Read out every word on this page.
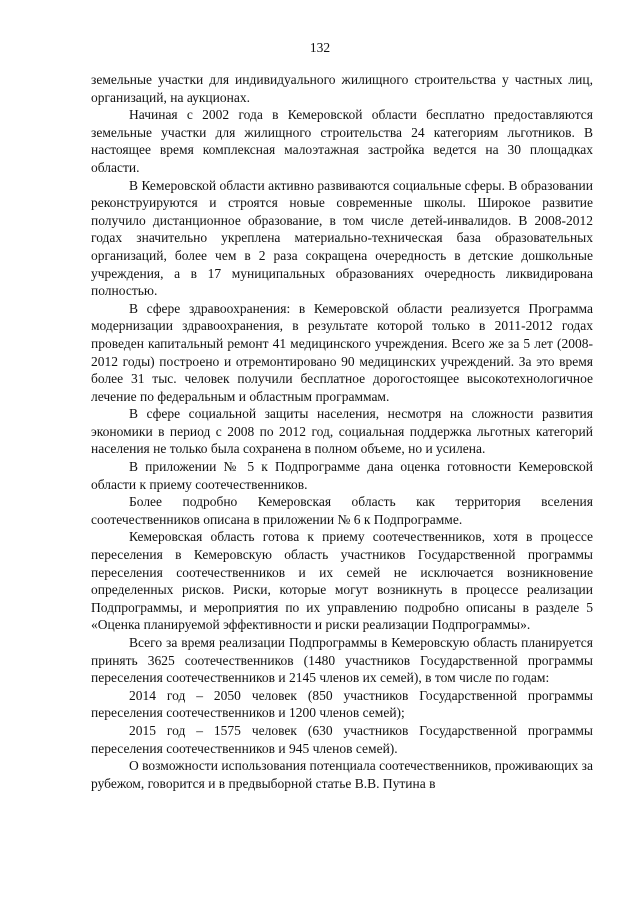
132

земельные участки для индивидуального жилищного строительства у частных лиц, организаций, на аукционах.

Начиная с 2002 года в Кемеровской области бесплатно предоставляются земельные участки для жилищного строительства 24 категориям льготников. В настоящее время комплексная малоэтажная застройка ведется на 30 площадках области.

В Кемеровской области активно развиваются социальные сферы. В образовании реконструируются и строятся новые современные школы. Широкое развитие получило дистанционное образование, в том числе детей-инвалидов. В 2008-2012 годах значительно укреплена материально-техническая база образовательных организаций, более чем в 2 раза сокращена очередность в детские дошкольные учреждения, а в 17 муниципальных образованиях очередность ликвидирована полностью.

В сфере здравоохранения: в Кемеровской области реализуется Программа модернизации здравоохранения, в результате которой только в 2011-2012 годах проведен капитальный ремонт 41 медицинского учреждения. Всего же за 5 лет (2008-2012 годы) построено и отремонтировано 90 медицинских учреждений. За это время более 31 тыс. человек получили бесплатное дорогостоящее высокотехнологичное лечение по федеральным и областным программам.

В сфере социальной защиты населения, несмотря на сложности развития экономики в период с 2008 по 2012 год, социальная поддержка льготных категорий населения не только была сохранена в полном объеме, но и усилена.

В приложении № 5 к Подпрограмме дана оценка готовности Кемеровской области к приему соотечественников.

Более подробно Кемеровская область как территория вселения соотечественников описана в приложении № 6 к Подпрограмме.

Кемеровская область готова к приему соотечественников, хотя в процессе переселения в Кемеровскую область участников Государственной программы переселения соотечественников и их семей не исключается возникновение определенных рисков. Риски, которые могут возникнуть в процессе реализации Подпрограммы, и мероприятия по их управлению подробно описаны в разделе 5 «Оценка планируемой эффективности и риски реализации Подпрограммы».

Всего за время реализации Подпрограммы в Кемеровскую область планируется принять 3625 соотечественников (1480 участников Государственной программы переселения соотечественников и 2145 членов их семей), в том числе по годам:

2014 год – 2050 человек (850 участников Государственной программы переселения соотечественников и 1200 членов семей);

2015 год – 1575 человек (630 участников Государственной программы переселения соотечественников и 945 членов семей).

О возможности использования потенциала соотечественников, проживающих за рубежом, говорится и в предвыборной статье В.В. Путина в
